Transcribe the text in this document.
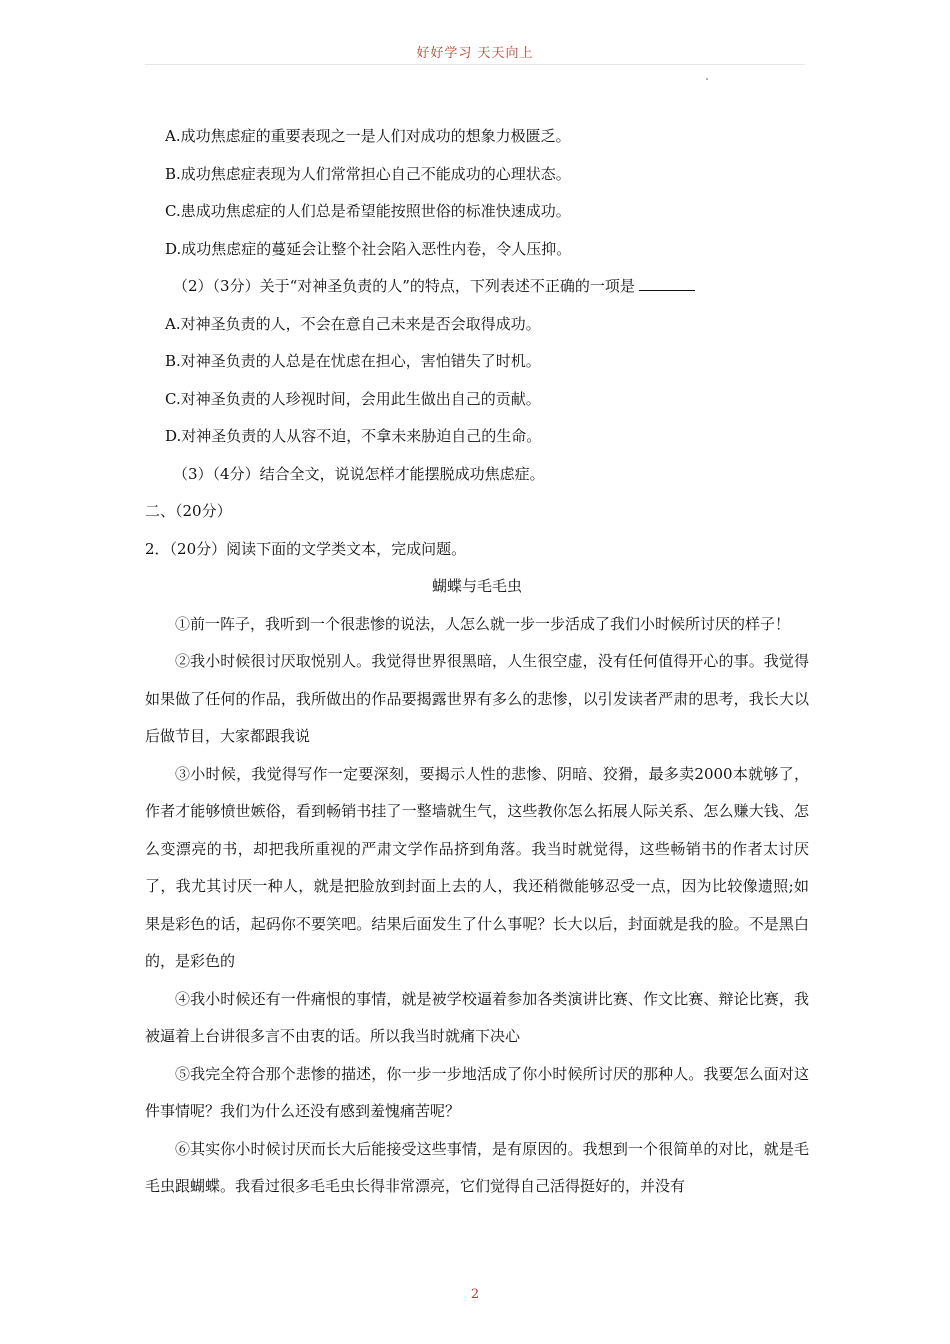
好好学习 天天向上
A.成功焦虑症的重要表现之一是人们对成功的想象力极匮乏。
B.成功焦虑症表现为人们常常担心自己不能成功的心理状态。
C.患成功焦虑症的人们总是希望能按照世俗的标准快速成功。
D.成功焦虑症的蔓延会让整个社会陷入恶性内卷，令人压抑。
（2）（3分）关于“对神圣负责的人”的特点，下列表述不正确的一项是
A.对神圣负责的人，不会在意自己未来是否会取得成功。
B.对神圣负责的人总是在忧虑在担心，害怕错失了时机。
C.对神圣负责的人珍视时间，会用此生做出自己的贡献。
D.对神圣负责的人从容不迫，不拿未来胁迫自己的生命。
（3）（4分）结合全文，说说怎样才能摆脱成功焦虑症。
二、（20分）
2．（20分）阅读下面的文学类文本，完成问题。
蝴蝶与毛毛虫
①前一阵子，我听到一个很悲惨的说法，人怎么就一步一步活成了我们小时候所讨厌的样子！
②我小时候很讨厌取悦别人。我觉得世界很黑暗，人生很空虚，没有任何值得开心的事。我觉得如果做了任何的作品，我所做出的作品要揭露世界有多么的悲惨，以引发读者严肃的思考，我长大以后做节目，大家都跟我说
③小时候，我觉得写作一定要深刻，要揭示人性的悲惨、阴暗、狡猾，最多卖2000本就够了，作者才能够愤世嫉俗，看到畅销书挂了一整墙就生气，这些教你怎么拓展人际关系、怎么赚大钱、怎么变漂亮的书，却把我所重视的严肃文学作品挤到角落。我当时就觉得，这些畅销书的作者太讨厌了，我尤其讨厌一种人，就是把脸放到封面上去的人，我还稍微能够忍受一点，因为比较像遗照;如果是彩色的话，起码你不要笑吧。结果后面发生了什么事呢？长大以后，封面就是我的脸。不是黑白的，是彩色的
④我小时候还有一件痛恨的事情，就是被学校逼着参加各类演讲比赛、作文比赛、辩论比赛，我被逼着上台讲很多言不由衷的话。所以我当时就痛下决心
⑤我完全符合那个悲惨的描述，你一步一步地活成了你小时候所讨厌的那种人。我要怎么面对这件事情呢？我们为什么还没有感到羞愧痛苦呢？
⑥其实你小时候讨厌而长大后能接受这些事情，是有原因的。我想到一个很简单的对比，就是毛毛虫跟蝴蝶。我看过很多毛毛虫长得非常漂亮，它们觉得自己活得挺好的，并没有
2
